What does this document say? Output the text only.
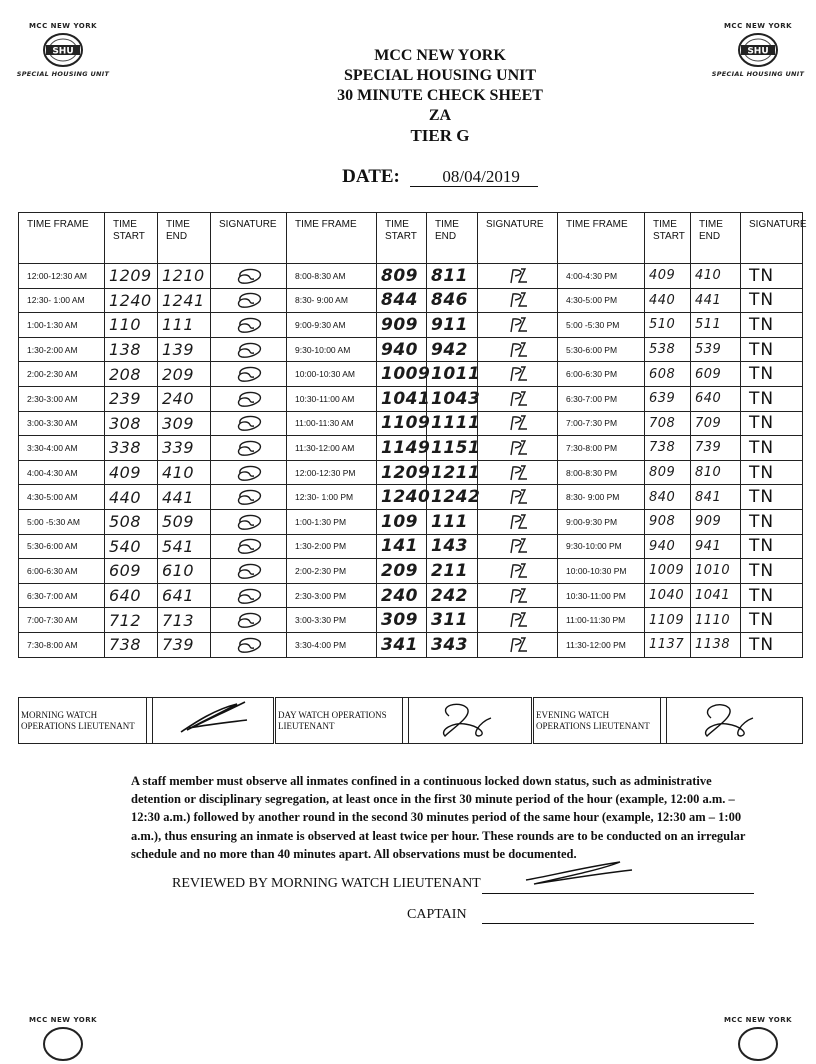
MCC NEW YORK
SHU
SPECIAL HOUSING UNIT
MCC NEW YORK
SHU
SPECIAL HOUSING UNIT
MCC NEW YORK	MCC NEW YORK
MCC NEW YORK
SPECIAL HOUSING UNIT
30 MINUTE CHECK SHEET
ZA
TIER G
DATE:	08/04/2019
TIME FRAME	TIME START	TIME END	SIGNATURE	TIME FRAME	TIME START	TIME END	SIGNATURE	TIME FRAME	TIME START	TIME END	SIGNATURE
12:00-12:30 AM	1209	1210		8:00-8:30 AM	809	811		4:00-4:30 PM	409	410	TN

12:30- 1:00 AM	1240	1241		8:30- 9:00 AM	844	846		4:30-5:00 PM	440	441	TN

1:00-1:30 AM	110	111		9:00-9:30 AM	909	911		5:00 -5:30 PM	510	511	TN

1:30-2:00 AM	138	139		9:30-10:00 AM	940	942		5:30-6:00 PM	538	539	TN

2:00-2:30 AM	208	209		10:00-10:30 AM	1009	1011		6:00-6:30 PM	608	609	TN

2:30-3:00 AM	239	240		10:30-11:00 AM	1041	1043		6:30-7:00 PM	639	640	TN

3:00-3:30 AM	308	309		11:00-11:30 AM	1109	1111		7:00-7:30 PM	708	709	TN

3:30-4:00 AM	338	339		11:30-12:00 AM	1149	1151		7:30-8:00 PM	738	739	TN

4:00-4:30 AM	409	410		12:00-12:30 PM	1209	1211		8:00-8:30 PM	809	810	TN

4:30-5:00 AM	440	441		12:30- 1:00 PM	1240	1242		8:30- 9:00 PM	840	841	TN

5:00 -5:30 AM	508	509		1:00-1:30 PM	109	111		9:00-9:30 PM	908	909	TN

5:30-6:00 AM	540	541		1:30-2:00 PM	141	143		9:30-10:00 PM	940	941	TN

6:00-6:30 AM	609	610		2:00-2:30 PM	209	211		10:00-10:30 PM	1009	1010	TN

6:30-7:00 AM	640	641		2:30-3:00 PM	240	242		10:30-11:00 PM	1040	1041	TN

7:00-7:30 AM	712	713		3:00-3:30 PM	309	311		11:00-11:30 PM	1109	1110	TN

7:30-8:00 AM	738	739		3:30-4:00 PM	341	343		11:30-12:00 PM	1137	1138	TN
MORNING WATCH OPERATIONS LIEUTENANT			DAY WATCH OPERATIONS LIEUTENANT			EVENING WATCH OPERATIONS LIEUTENANT		
A staff member must observe all inmates confined in a continuous locked down status, such as administrative detention or disciplinary segregation, at least once in the first 30 minute period of the hour (example, 12:00 a.m. – 12:30 a.m.) followed by another round in the second 30 minutes period of the same hour (example, 12:30 am – 1:00 a.m.), thus ensuring an inmate is observed at least twice per hour. These rounds are to be conducted on an irregular schedule and no more than 40 minutes apart. All observations must be documented.
REVIEWED BY MORNING WATCH LIEUTENANT
CAPTAIN
